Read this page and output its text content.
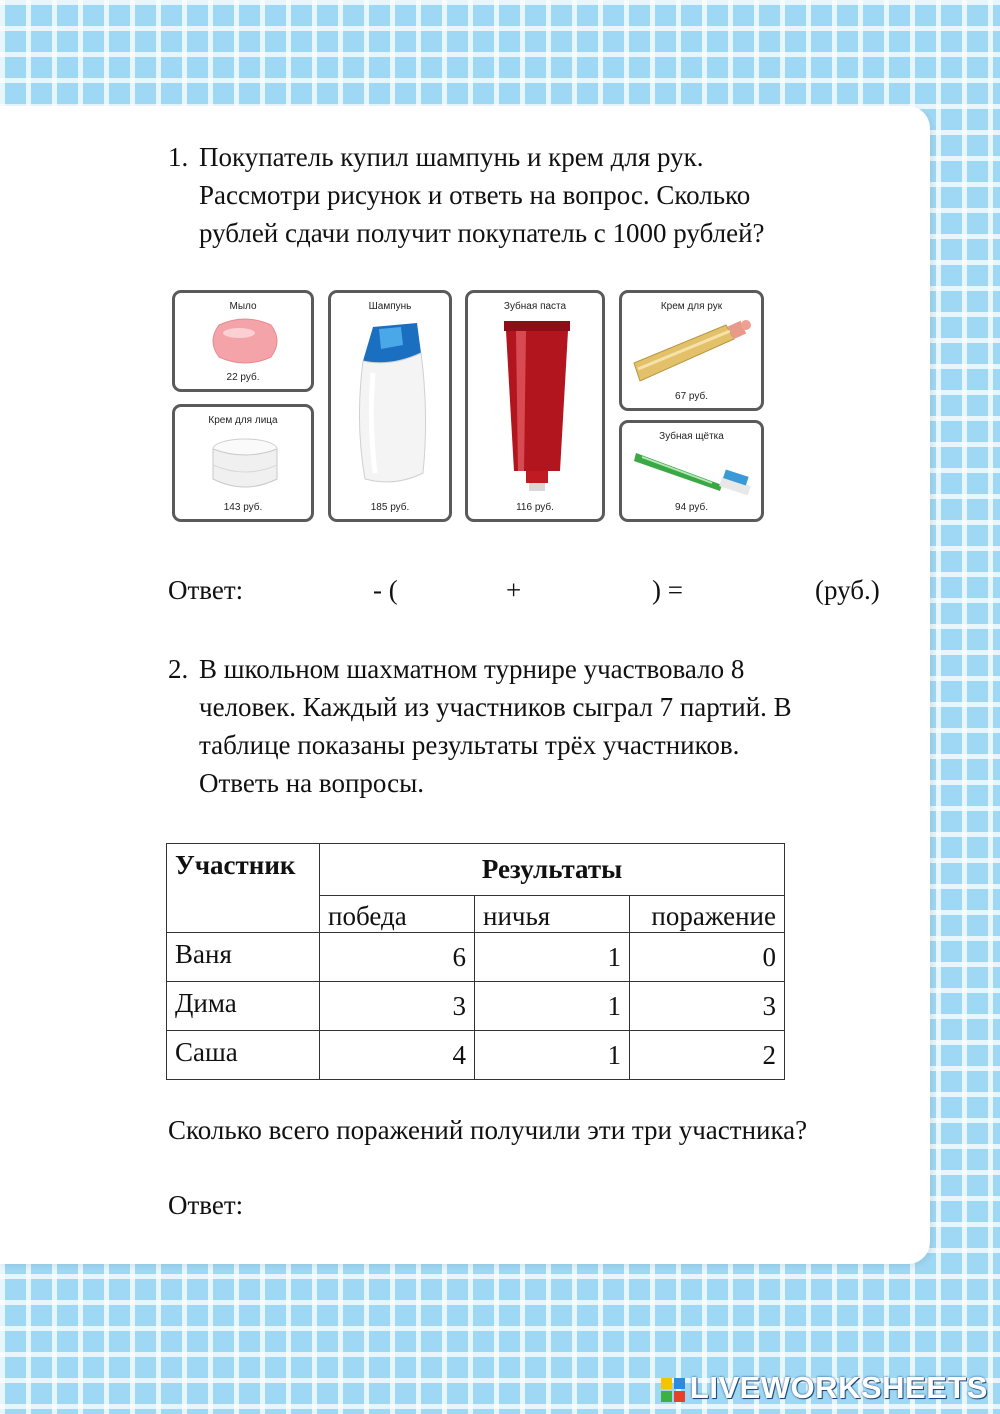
1. Покупатель купил шампунь и крем для рук.
Рассмотри рисунок и ответь на вопрос. Сколько
рублей сдачи получит покупатель с 1000 рублей?
Мыло
22 руб.
Крем для лица
143 руб.
Шампунь
185 руб.
Зубная паста
116 руб.
Крем для рук
67 руб.
Зубная щётка
94 руб.
Ответ:	- (	+	) =	(руб.)
2. В школьном шахматном турнире участвовало 8
человек. Каждый из участников сыграл 7 партий. В
таблице показаны результаты трёх участников.
Ответь на вопросы.
Участник	Результаты		
	победа	ничья	поражение
Ваня	6	1	0
Дима	3	1	3
Саша	4	1	2
Сколько всего поражений получили эти три участника?
Ответ:
LIVEWORKSHEETS
